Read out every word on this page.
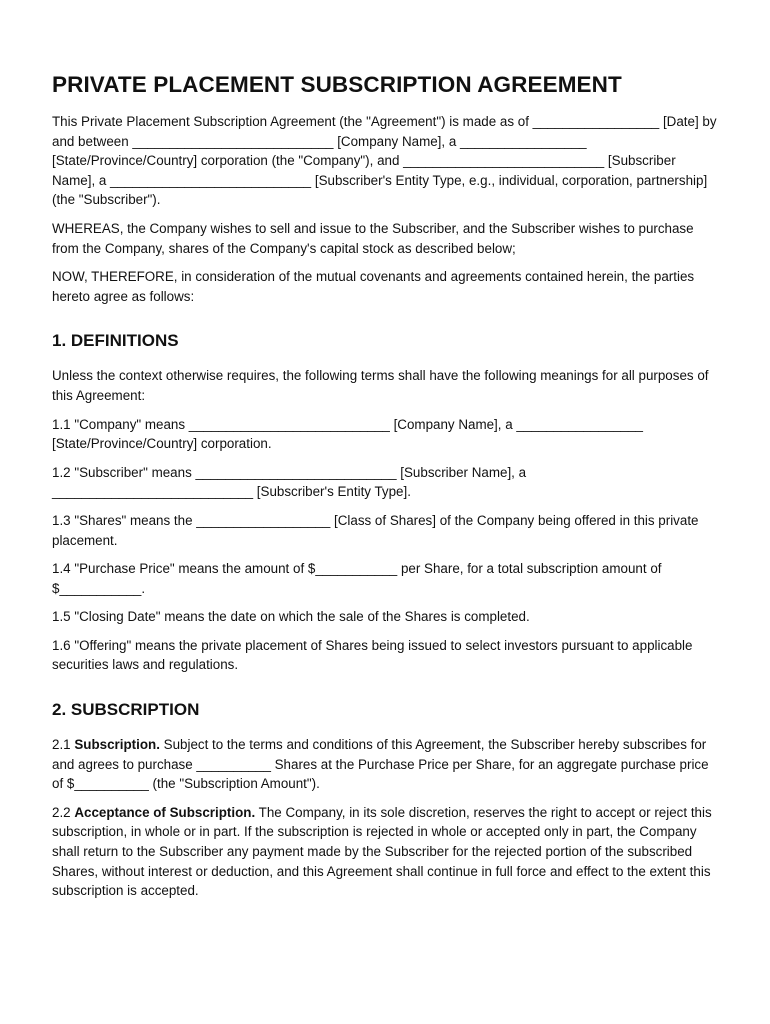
PRIVATE PLACEMENT SUBSCRIPTION AGREEMENT

This Private Placement Subscription Agreement (the "Agreement") is made as of _________________ [Date] by and between ___________________________ [Company Name], a _________________ [State/Province/Country] corporation (the "Company"), and ___________________________ [Subscriber Name], a ___________________________ [Subscriber's Entity Type, e.g., individual, corporation, partnership] (the "Subscriber").

WHEREAS, the Company wishes to sell and issue to the Subscriber, and the Subscriber wishes to purchase from the Company, shares of the Company's capital stock as described below;

NOW, THEREFORE, in consideration of the mutual covenants and agreements contained herein, the parties hereto agree as follows:

1. DEFINITIONS

Unless the context otherwise requires, the following terms shall have the following meanings for all purposes of this Agreement:

1.1 "Company" means ___________________________ [Company Name], a _________________ [State/Province/Country] corporation.

1.2 "Subscriber" means ___________________________ [Subscriber Name], a ___________________________ [Subscriber's Entity Type].

1.3 "Shares" means the __________________ [Class of Shares] of the Company being offered in this private placement.

1.4 "Purchase Price" means the amount of $___________ per Share, for a total subscription amount of $___________.

1.5 "Closing Date" means the date on which the sale of the Shares is completed.

1.6 "Offering" means the private placement of Shares being issued to select investors pursuant to applicable securities laws and regulations.

2. SUBSCRIPTION

2.1 Subscription. Subject to the terms and conditions of this Agreement, the Subscriber hereby subscribes for and agrees to purchase __________ Shares at the Purchase Price per Share, for an aggregate purchase price of $__________ (the "Subscription Amount").

2.2 Acceptance of Subscription. The Company, in its sole discretion, reserves the right to accept or reject this subscription, in whole or in part. If the subscription is rejected in whole or accepted only in part, the Company shall return to the Subscriber any payment made by the Subscriber for the rejected portion of the subscribed Shares, without interest or deduction, and this Agreement shall continue in full force and effect to the extent this subscription is accepted.
